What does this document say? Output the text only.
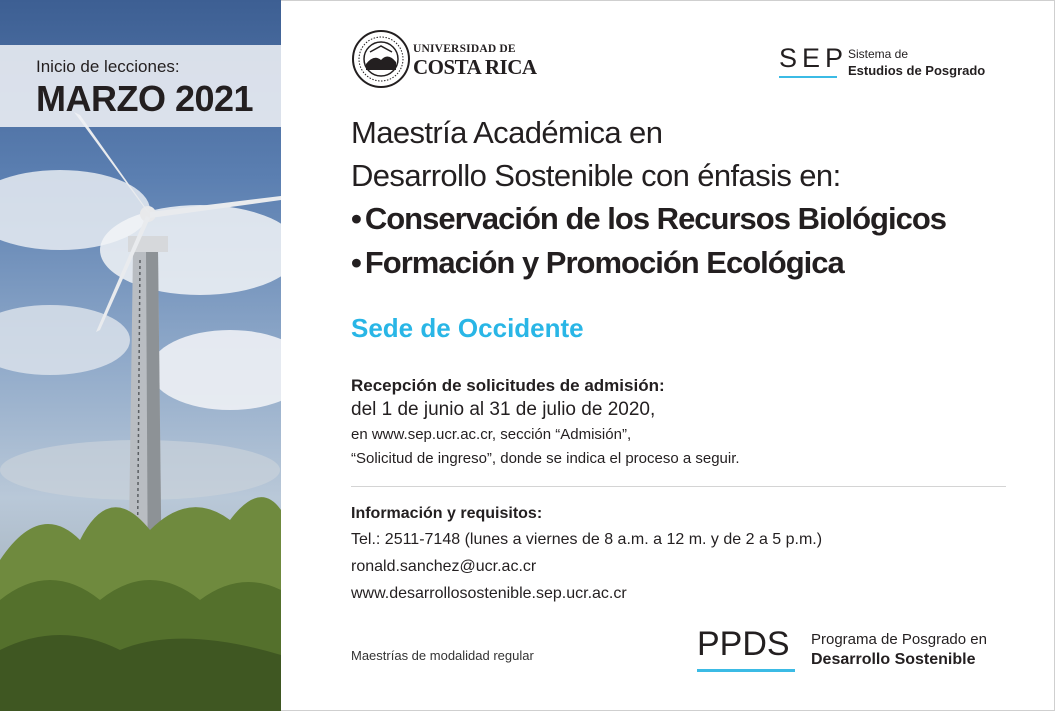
Inicio de lecciones:
MARZO 2021
UNIVERSIDAD DE
COSTA RICA	SEP Sistema de
Estudios de Posgrado
Maestría Académica en
Desarrollo Sostenible con énfasis en:
• Conservación de los Recursos Biológicos
• Formación y Promoción Ecológica
Sede de Occidente
Recepción de solicitudes de admisión:
del 1 de junio al 31 de julio de 2020,
en www.sep.ucr.ac.cr, sección “Admisión”,
“Solicitud de ingreso”, donde se indica el proceso a seguir.
Información y requisitos:
Tel.: 2511-7148 (lunes a viernes de 8 a.m. a 12 m. y de 2 a 5 p.m.)
ronald.sanchez@ucr.ac.cr
www.desarrollosostenible.sep.ucr.ac.cr
Maestrías de modalidad regular	PPDS Programa de Posgrado en
Desarrollo Sostenible
